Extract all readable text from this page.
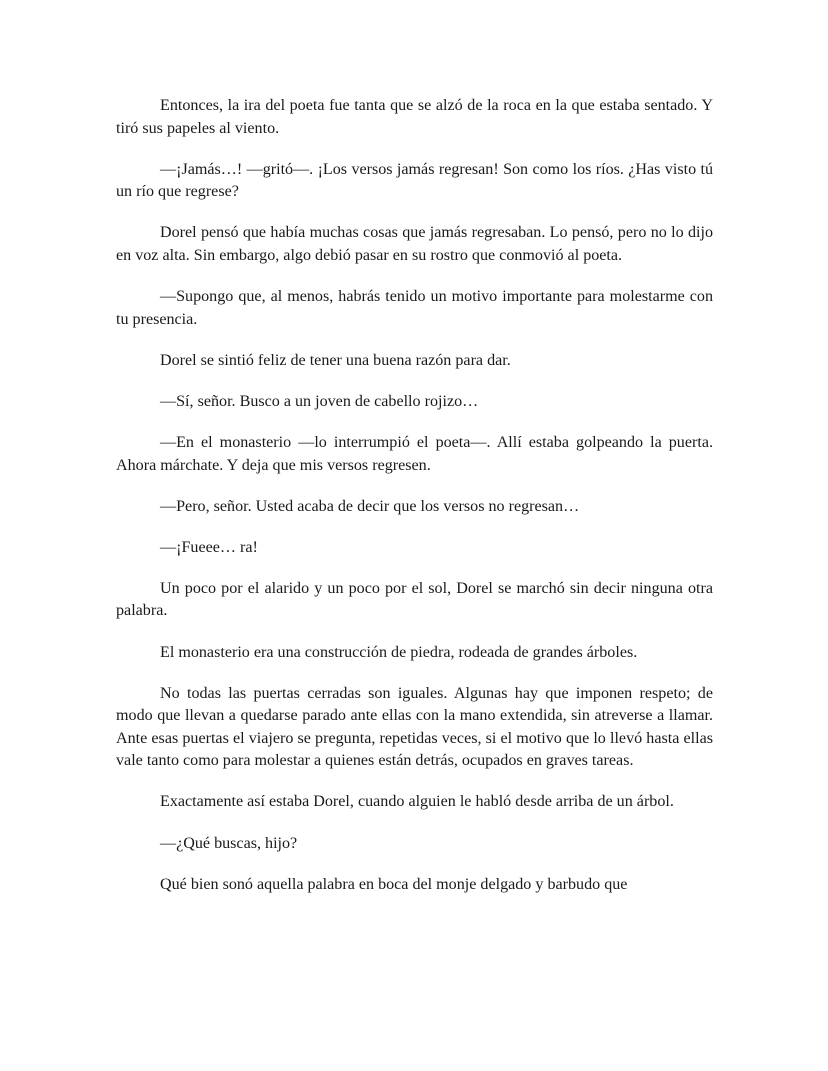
Entonces, la ira del poeta fue tanta que se alzó de la roca en la que estaba sentado. Y tiró sus papeles al viento.

—¡Jamás…! —gritó—. ¡Los versos jamás regresan! Son como los ríos. ¿Has visto tú un río que regrese?

Dorel pensó que había muchas cosas que jamás regresaban. Lo pensó, pero no lo dijo en voz alta. Sin embargo, algo debió pasar en su rostro que conmovió al poeta.

—Supongo que, al menos, habrás tenido un motivo importante para molestarme con tu presencia.

Dorel se sintió feliz de tener una buena razón para dar.

—Sí, señor. Busco a un joven de cabello rojizo…

—En el monasterio —lo interrumpió el poeta—. Allí estaba golpeando la puerta. Ahora márchate. Y deja que mis versos regresen.

—Pero, señor. Usted acaba de decir que los versos no regresan…

—¡Fueee… ra!

Un poco por el alarido y un poco por el sol, Dorel se marchó sin decir ninguna otra palabra.

El monasterio era una construcción de piedra, rodeada de grandes árboles.

No todas las puertas cerradas son iguales. Algunas hay que imponen respeto; de modo que llevan a quedarse parado ante ellas con la mano extendida, sin atreverse a llamar. Ante esas puertas el viajero se pregunta, repetidas veces, si el motivo que lo llevó hasta ellas vale tanto como para molestar a quienes están detrás, ocupados en graves tareas.

Exactamente así estaba Dorel, cuando alguien le habló desde arriba de un árbol.

—¿Qué buscas, hijo?

Qué bien sonó aquella palabra en boca del monje delgado y barbudo que
